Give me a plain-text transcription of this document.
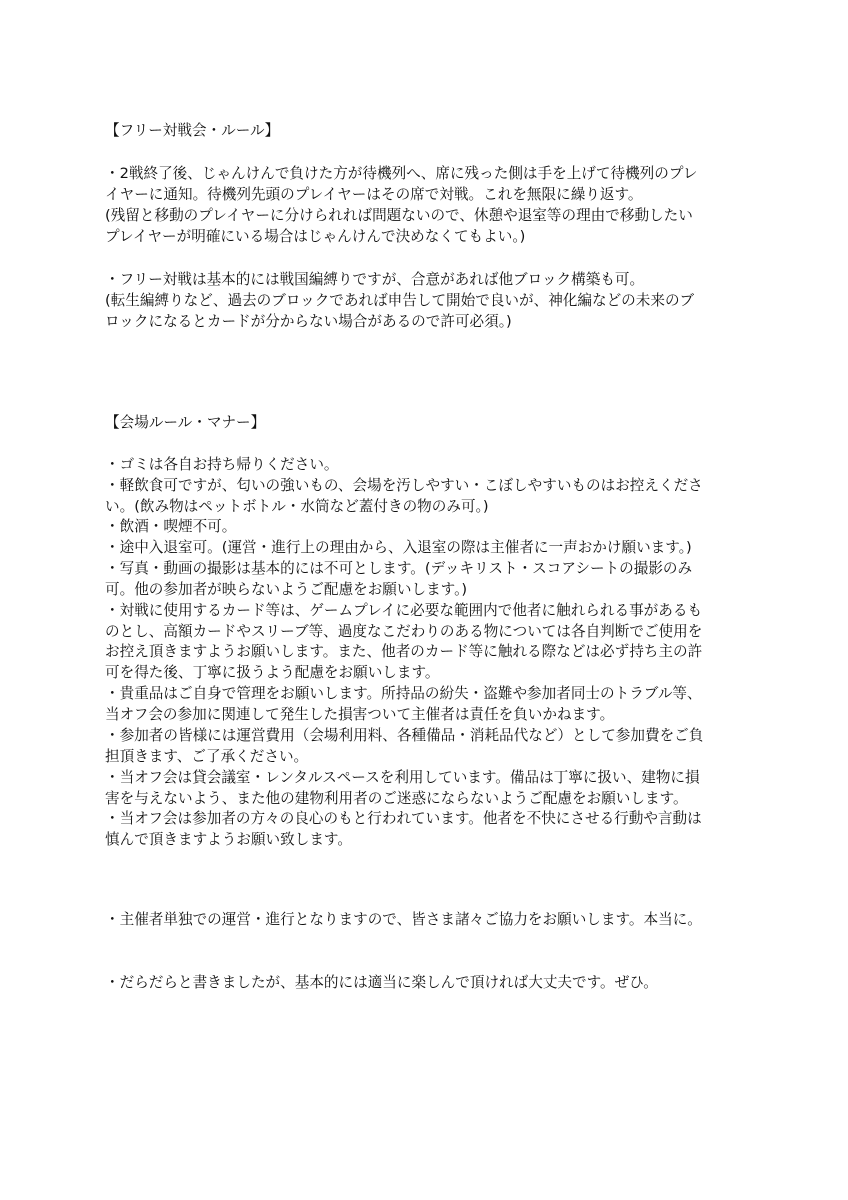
【フリー対戦会・ルール】
・2戦終了後、じゃんけんで負けた方が待機列へ、席に残った側は手を上げて待機列のプレ
イヤーに通知。待機列先頭のプレイヤーはその席で対戦。これを無限に繰り返す。
(残留と移動のプレイヤーに分けられれば問題ないので、休憩や退室等の理由で移動したい
プレイヤーが明確にいる場合はじゃんけんで決めなくてもよい。)
・フリー対戦は基本的には戦国編縛りですが、合意があれば他ブロック構築も可。
(転生編縛りなど、過去のブロックであれば申告して開始で良いが、神化編などの未来のブ
ロックになるとカードが分からない場合があるので許可必須。)
【会場ルール・マナー】
・ゴミは各自お持ち帰りください。
・軽飲食可ですが、匂いの強いもの、会場を汚しやすい・こぼしやすいものはお控えくださ
い。(飲み物はペットボトル・水筒など蓋付きの物のみ可。)
・飲酒・喫煙不可。
・途中入退室可。(運営・進行上の理由から、入退室の際は主催者に一声おかけ願います。)
・写真・動画の撮影は基本的には不可とします。(デッキリスト・スコアシートの撮影のみ
可。他の参加者が映らないようご配慮をお願いします。)
・対戦に使用するカード等は、ゲームプレイに必要な範囲内で他者に触れられる事があるも
のとし、高額カードやスリーブ等、過度なこだわりのある物については各自判断でご使用を
お控え頂きますようお願いします。また、他者のカード等に触れる際などは必ず持ち主の許
可を得た後、丁寧に扱うよう配慮をお願いします。
・貴重品はご自身で管理をお願いします。所持品の紛失・盗難や参加者同士のトラブル等、
当オフ会の参加に関連して発生した損害ついて主催者は責任を負いかねます。
・参加者の皆様には運営費用（会場利用料、各種備品・消耗品代など）として参加費をご負
担頂きます、ご了承ください。
・当オフ会は貸会議室・レンタルスペースを利用しています。備品は丁寧に扱い、建物に損
害を与えないよう、また他の建物利用者のご迷惑にならないようご配慮をお願いします。
・当オフ会は参加者の方々の良心のもと行われています。他者を不快にさせる行動や言動は
慎んで頂きますようお願い致します。
・主催者単独での運営・進行となりますので、皆さま諸々ご協力をお願いします。本当に。
・だらだらと書きましたが、基本的には適当に楽しんで頂ければ大丈夫です。ぜひ。
